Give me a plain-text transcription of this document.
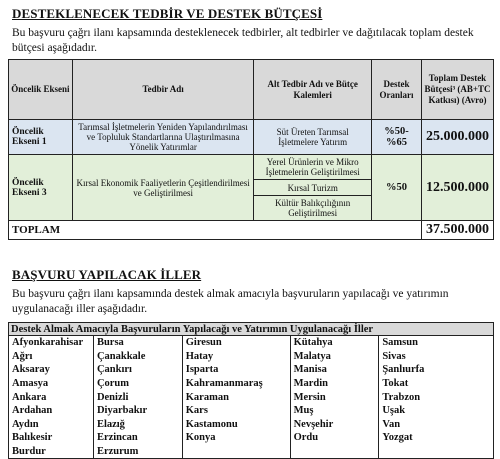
DESTEKLENECEK TEDBİR VE DESTEK BÜTÇESİ
Bu başvuru çağrı ilanı kapsamında desteklenecek tedbirler, alt tedbirler ve dağıtılacak toplam destek bütçesi aşağıdadır.
Öncelik Ekseni	Tedbir Adı	Alt Tedbir Adı ve Bütçe Kalemleri	Destek Oranları	Toplam Destek Bütçesi³ (AB+TC Katkısı) (Avro)
Öncelik Ekseni 1	Tarımsal İşletmelerin Yeniden Yapılandırılması ve Topluluk Standartlarına Ulaştırılmasına Yönelik Yatırımlar	Süt Üreten Tarımsal İşletmelere Yatırım	%50-%65	25.000.000
Öncelik Ekseni 3	Kırsal Ekonomik Faaliyetlerin Çeşitlendirilmesi ve Geliştirilmesi	Yerel Ürünlerin ve Mikro İşletmelerin Geliştirilmesi	%50	12.500.000
		Kırsal Turizm		
		Kültür Balıkçılığının Geliştirilmesi		
TOPLAM				37.500.000
BAŞVURU YAPILACAK İLLER
Bu başvuru çağrı ilanı kapsamında destek almak amacıyla başvuruların yapılacağı ve yatırımın uygulanacağı iller aşağıdadır.
Destek Almak Amacıyla Başvuruların Yapılacağı ve Yatırımın Uygulanacağı İller				
Afyonkarahisar	Bursa	Giresun	Kütahya	Samsun
Ağrı	Çanakkale	Hatay	Malatya	Sivas
Aksaray	Çankırı	Isparta	Manisa	Şanlıurfa
Amasya	Çorum	Kahramanmaraş	Mardin	Tokat
Ankara	Denizli	Karaman	Mersin	Trabzon
Ardahan	Diyarbakır	Kars	Muş	Uşak
Aydın	Elazığ	Kastamonu	Nevşehir	Van
Balıkesir	Erzincan	Konya	Ordu	Yozgat
Burdur	Erzurum			
